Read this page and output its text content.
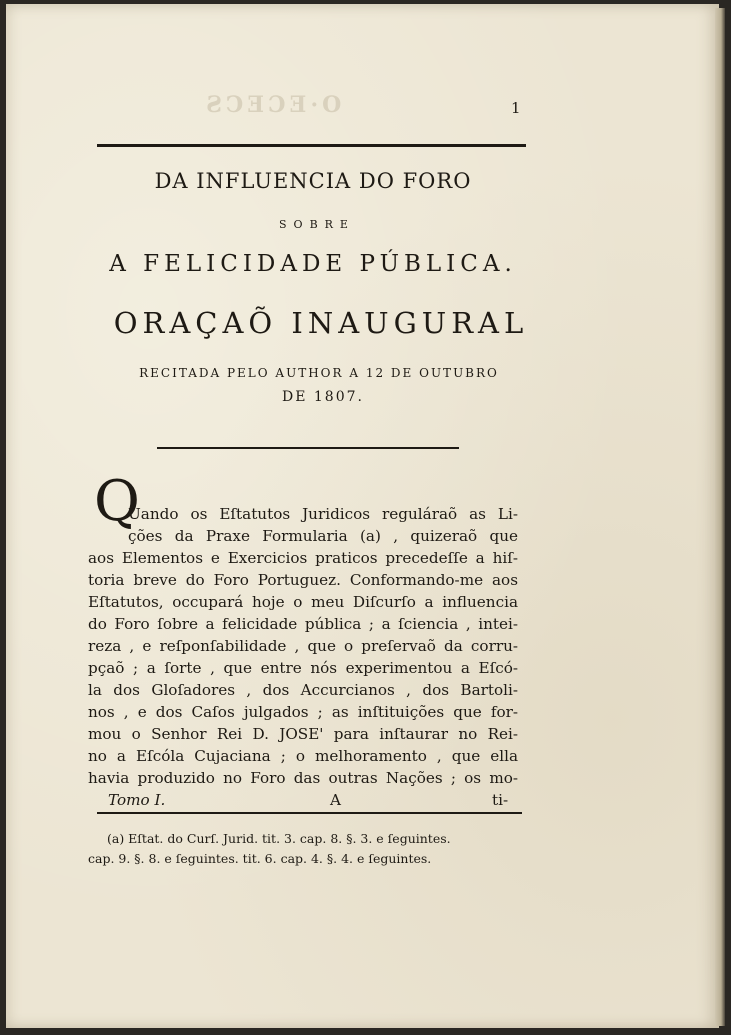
ƧϽƎƆƎ·O	1
DA INFLUENCIA DO FORO
SOBRE
A FELICIDADE PÚBLICA.
ORAÇAÕ INAUGURAL
RECITADA PELO AUTHOR A 12 DE OUTUBRO
DE 1807.
Q
Uando os Eſtatutos Juridicos reguláraõ as Li-
ções da Praxe Formularia (a) , quizeraõ que
aos Elementos e Exercicios praticos precedeſſe a hiſ-
toria breve do Foro Portuguez. Conformando-me aos
Eſtatutos, occupará hoje o meu Diſcurſo a influencia
do Foro ſobre a felicidade pública ; a ſciencia , intei-
reza , e reſponſabilidade , que o preſervaõ da corru-
pçaõ ; a ſorte , que entre nós experimentou a Eſcó-
la dos Gloſadores , dos Accurcianos , dos Bartoli-
nos , e dos Caſos julgados ; as inſtituições que for-
mou o Senhor Rei D. JOSE' para inſtaurar no Rei-
no a Eſcóla Cujaciana ; o melhoramento , que ella
havia produzido no Foro das outras Nações ; os mo-
Tomo I.	A	ti-
(a) Eſtat. do Curſ. Jurid. tit. 3. cap. 8. §. 3. e ſeguintes.
cap. 9. §. 8. e ſeguintes. tit. 6. cap. 4. §. 4. e ſeguintes.
